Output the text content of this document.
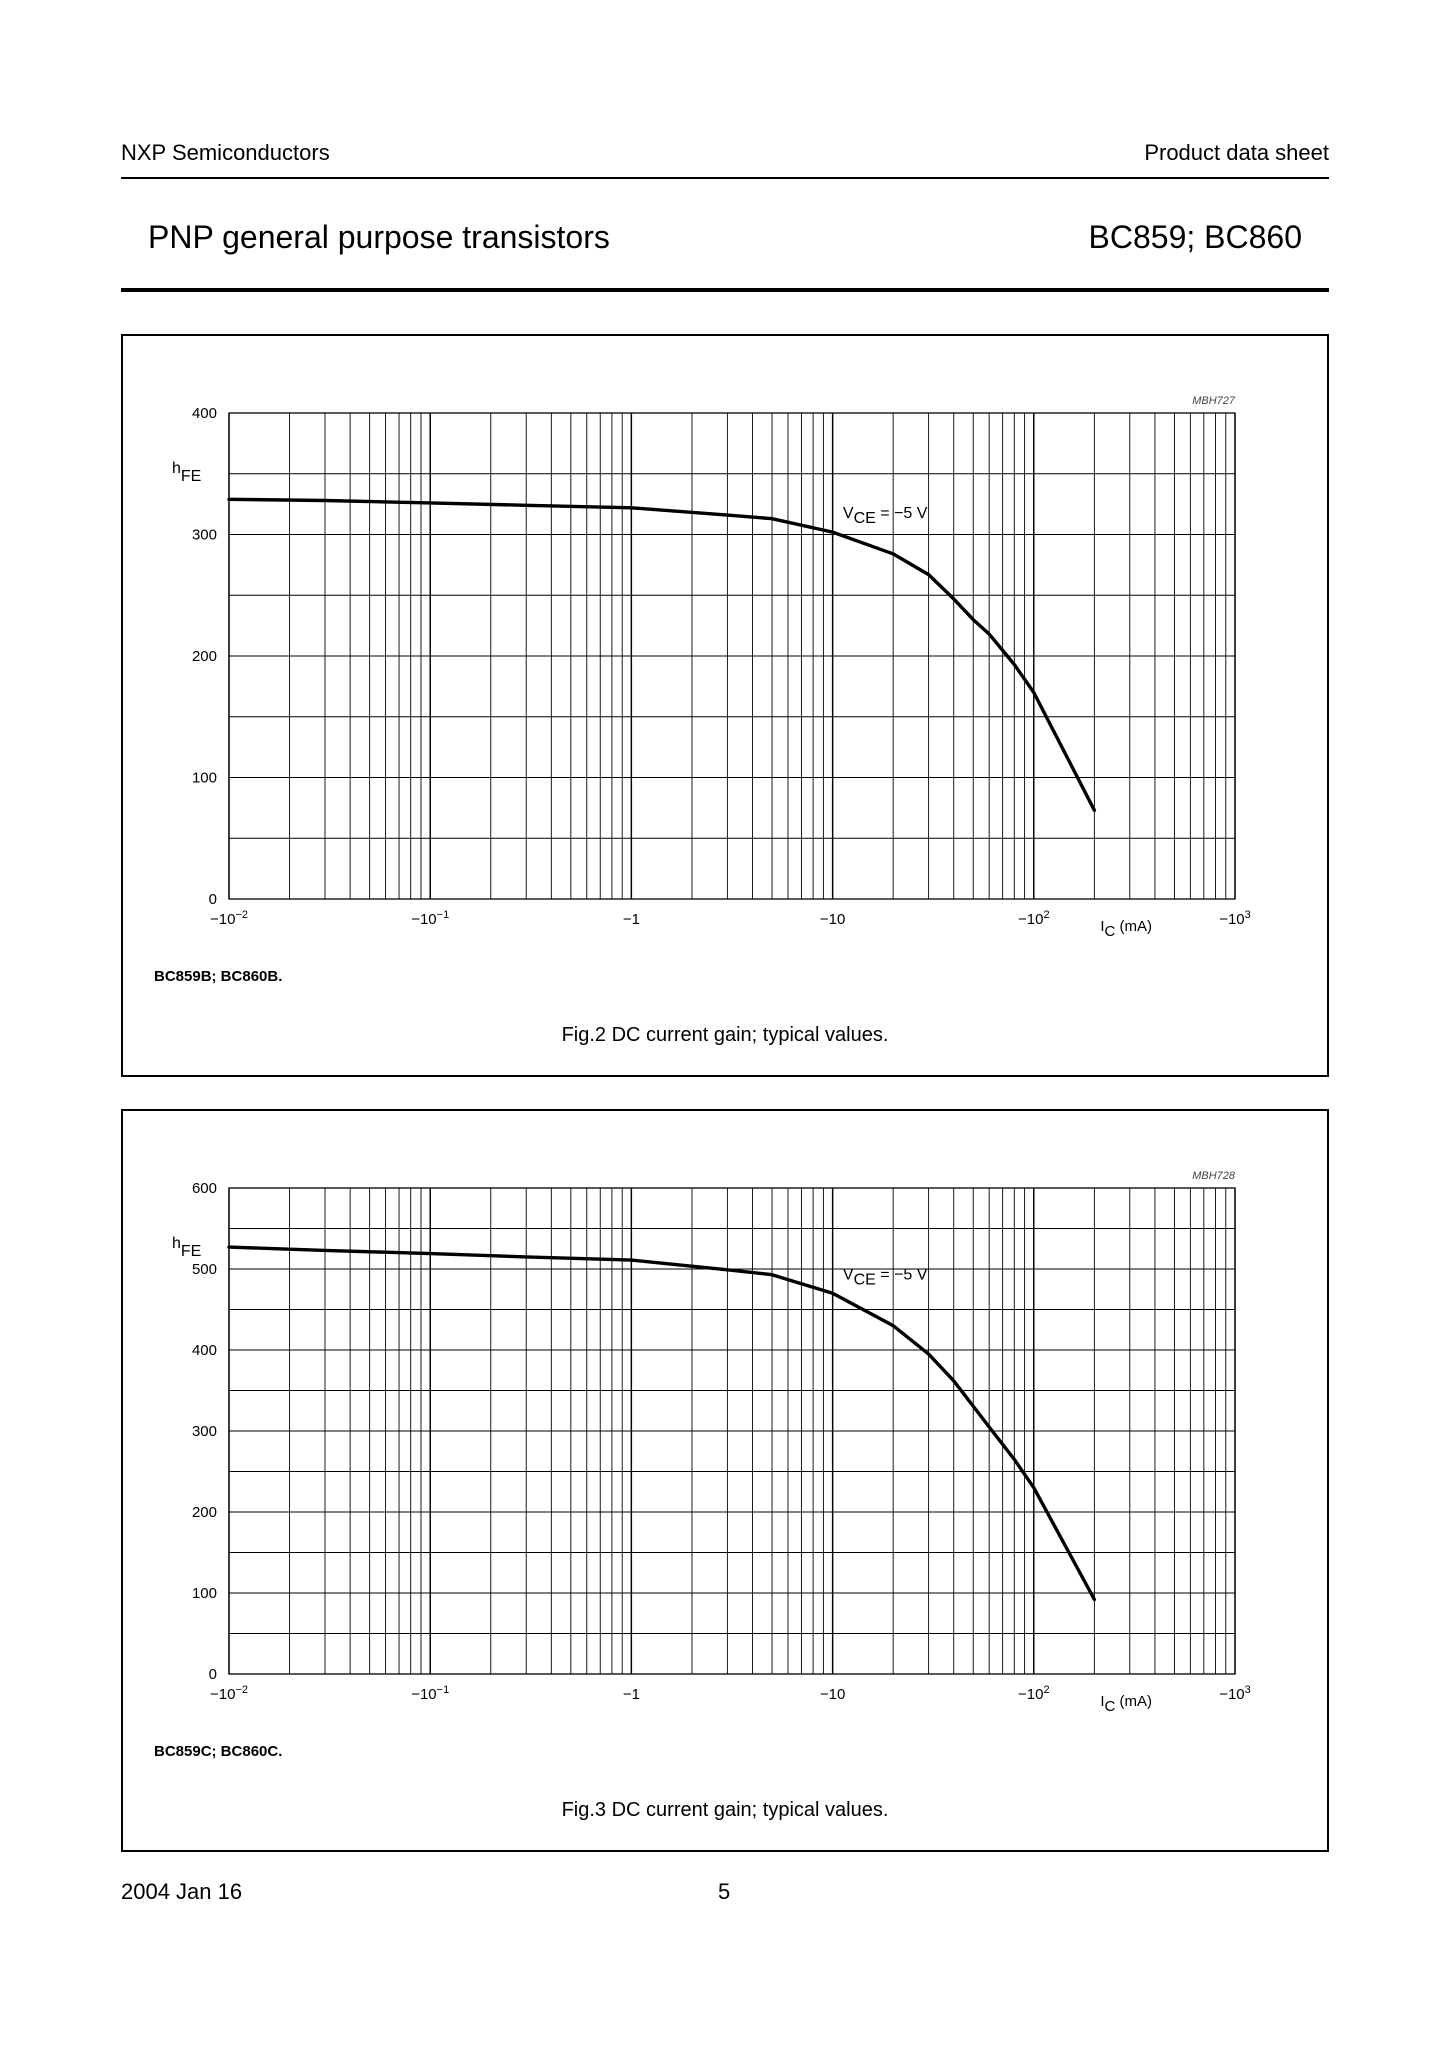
NXP Semiconductors	Product data sheet
PNP general purpose transistors	BC859; BC860
0
100
200
300
400
$-10^{-2}$	$-10^{-1}$	−1	−10	$-10^2$	$-10^3$
hFE
IC (mA)
MBH727
VCE = −5 V
BC859B; BC860B.
Fig.2 DC current gain; typical values.
0
100
200
300
400
500
600
$-10^{-2}$	$-10^{-1}$	−1	−10	$-10^2$	$-10^3$
hFE
IC (mA)
MBH728
VCE = −5 V
BC859C; BC860C.
Fig.3 DC current gain; typical values.
2004 Jan 16	5
